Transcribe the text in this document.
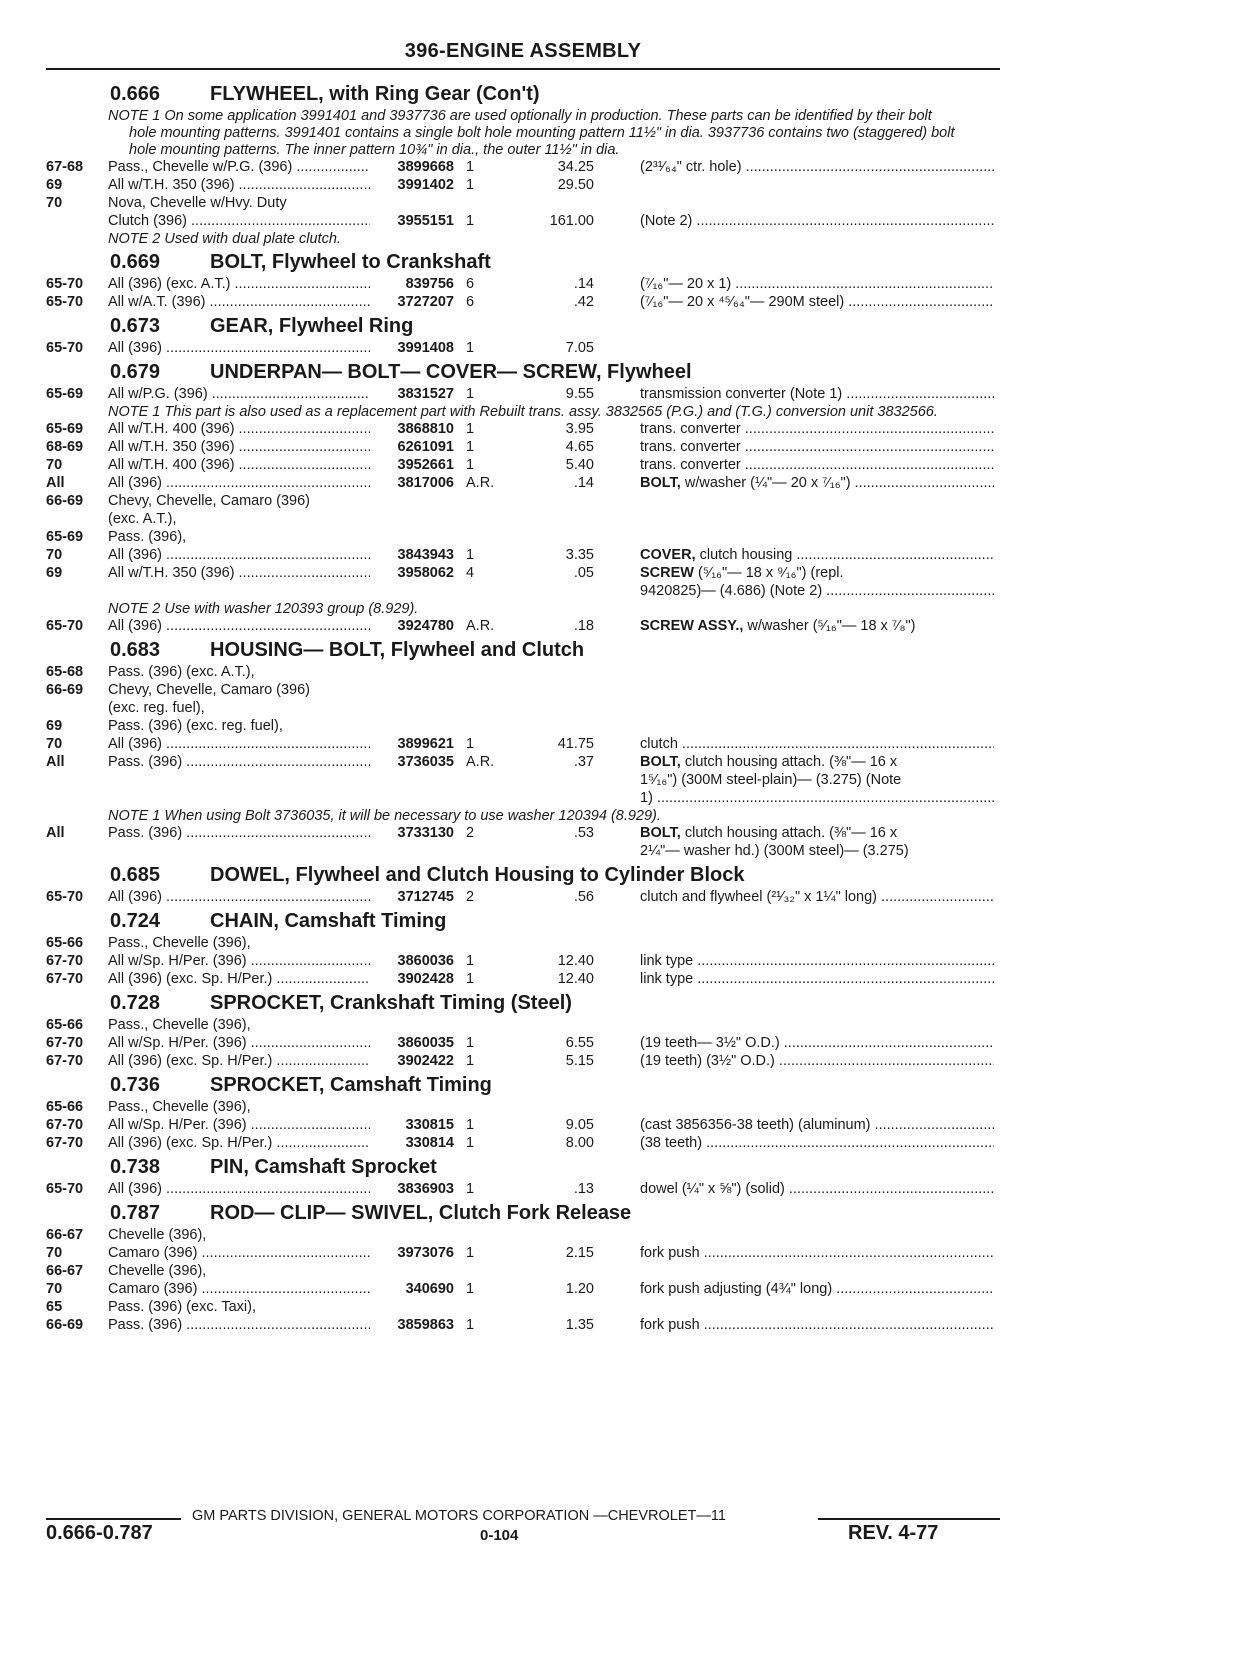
396-ENGINE ASSEMBLY
0.666 FLYWHEEL, with Ring Gear (Con't)
NOTE 1 On some application 3991401 and 3937736 are used optionally in production. These parts can be identified by their bolt hole mounting patterns. 3991401 contains a single bolt hole mounting pattern 11½" in dia. 3937736 contains two (staggered) bolt hole mounting patterns. The inner pattern 10¾" in dia., the outer 11½" in dia.
67-68 Pass., Chevelle w/P.G. (396) .....	3899668 1	34.25	(2³¹⁄₆₄" ctr. hole) .....
69	All w/T.H. 350 (396) .....	3991402 1	29.50
70	Nova, Chevelle w/Hvy. Duty
Clutch (396) .....	3955151 1	161.00	(Note 2) .....
NOTE 2 Used with dual plate clutch.
0.669 BOLT, Flywheel to Crankshaft
65-70 All (396) (exc. A.T.) .....	839756 6	.14	(⁷⁄₁₆"— 20 x 1) .....
65-70 All w/A.T. (396) .....	3727207 6	.42	(⁷⁄₁₆"— 20 x ⁴⁵⁄₆₄"— 290M steel) .....
0.673 GEAR, Flywheel Ring
65-70 All (396) .....	3991408 1	7.05
0.679 UNDERPAN— BOLT— COVER— SCREW, Flywheel
65-69 All w/P.G. (396) .....	3831527 1	9.55	transmission converter (Note 1) .....
NOTE 1 This part is also used as a replacement part with Rebuilt trans. assy. 3832565 (P.G.) and (T.G.) conversion unit 3832566.
65-69 All w/T.H. 400 (396) .....	3868810 1	3.95	trans. converter .....
68-69 All w/T.H. 350 (396) .....	6261091 1	4.65	trans. converter .....
70	All w/T.H. 400 (396) .....	3952661 1	5.40	trans. converter .....
All	All (396) .....	3817006 A.R.	.14	BOLT, w/washer (¼"— 20 x ⁷⁄₁₆") .....
66-69 Chevy, Chevelle, Camaro (396)
(exc. A.T.),
65-69 Pass. (396),
70	All (396) .....	3843943 1	3.35	COVER, clutch housing .....
69	All w/T.H. 350 (396) .....	3958062 4	.05	SCREW (⁵⁄₁₆"— 18 x ⁹⁄₁₆") (repl.
9420825)— (4.686) (Note 2) .....
NOTE 2 Use with washer 120393 group (8.929).
65-70 All (396) .....	3924780 A.R.	.18	SCREW ASSY., w/washer (⁵⁄₁₆"— 18 x ⁷⁄₈")
0.683 HOUSING— BOLT, Flywheel and Clutch
65-68 Pass. (396) (exc. A.T.),
66-69 Chevy, Chevelle, Camaro (396)
(exc. reg. fuel),
69	Pass. (396) (exc. reg. fuel),
70	All (396) .....	3899621 1	41.75	clutch .....
All	Pass. (396) .....	3736035 A.R.	.37	BOLT, clutch housing attach. (⅜"— 16 x
1⁵⁄₁₆") (300M steel-plain)— (3.275) (Note
1) .....
NOTE 1 When using Bolt 3736035, it will be necessary to use washer 120394 (8.929).
All	Pass. (396) .....	3733130 2	.53	BOLT, clutch housing attach. (⅜"— 16 x
2¼"— washer hd.) (300M steel)— (3.275)
0.685 DOWEL, Flywheel and Clutch Housing to Cylinder Block
65-70 All (396) .....	3712745 2	.56	clutch and flywheel (²¹⁄₃₂" x 1¼" long) .....
0.724 CHAIN, Camshaft Timing
65-66 Pass., Chevelle (396),
67-70 All w/Sp. H/Per. (396) .....	3860036 1	12.40	link type .....
67-70 All (396) (exc. Sp. H/Per.) .....	3902428 1	12.40	link type .....
0.728 SPROCKET, Crankshaft Timing (Steel)
65-66 Pass., Chevelle (396),
67-70 All w/Sp. H/Per. (396) .....	3860035 1	6.55	(19 teeth— 3½" O.D.) .....
67-70 All (396) (exc. Sp. H/Per.) .....	3902422 1	5.15	(19 teeth) (3½" O.D.) .....
0.736 SPROCKET, Camshaft Timing
65-66 Pass., Chevelle (396),
67-70 All w/Sp. H/Per. (396) .....	330815 1	9.05	(cast 3856356-38 teeth) (aluminum) .....
67-70 All (396) (exc. Sp. H/Per.) .....	330814 1	8.00	(38 teeth) .....
0.738 PIN, Camshaft Sprocket
65-70 All (396) .....	3836903 1	.13	dowel (¼" x ⅝") (solid) .....
0.787 ROD— CLIP— SWIVEL, Clutch Fork Release
66-67 Chevelle (396),
70	Camaro (396) .....	3973076 1	2.15	fork push .....
66-67 Chevelle (396),
70	Camaro (396) .....	340690 1	1.20	fork push adjusting (4¾" long) .....
65	Pass. (396) (exc. Taxi),
66-69 Pass. (396) .....	3859863 1	1.35	fork push .....
GM PARTS DIVISION, GENERAL MOTORS CORPORATION —CHEVROLET—11
0.666-0.787	0-104	REV. 4-77
